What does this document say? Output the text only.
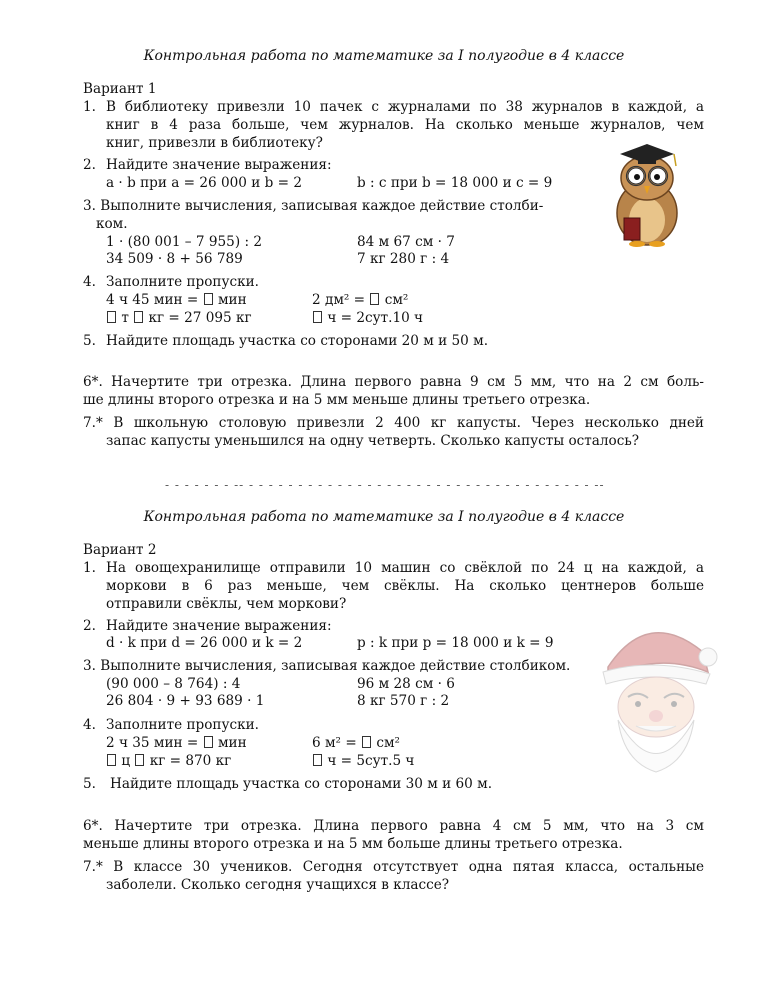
Контрольная работа по математике за I полугодие в 4 классе
Вариант 1
1. В библиотеку привезли 10 пачек с журналами по 38 журналов в каждой, а
книг в 4 раза больше, чем журналов. На сколько меньше журналов, чем
книг, привезли в библиотеку?
2. Найдите значение выражения:
a · b при a = 26 000 и b = 2	b : c при b = 18 000 и c = 9
3. Выполните вычисления, записывая каждое действие столби-
ком.
1 · (80 001 – 7 955) : 2	84 м 67 см · 7
34 509 · 8 + 56 789	7 кг 280 г : 4
4. Заполните пропуски.
4 ч 45 мин =  мин	2 дм² =  см²
т  кг = 27 095 кг	ч = 2сут.10 ч
5. Найдите площадь участка со сторонами 20 м и 50 м.
6*. Начертите три отрезка. Длина первого равна 9 см 5 мм, что на 2 см боль-
ше длины второго отрезка и на 5 мм меньше длины третьего отрезка.
7.* В школьную столовую привезли 2 400 кг капусты. Через несколько дней
запас капусты уменьшился на одну четверть. Сколько капусты осталось?
- - - - - - - -- - - - - - - - - - - - - - - - - - - - - - - - - - - - - - - - - - - - --
Контрольная работа по математике за I полугодие в 4 классе
Вариант 2
1. На овощехранилище отправили 10 машин со свёклой по 24 ц на каждой, а
моркови в 6 раз меньше, чем свёклы. На сколько центнеров больше
отправили свёклы, чем моркови?
2. Найдите значение выражения:
d · k при d = 26 000 и k = 2	p : k при p = 18 000 и k = 9
3. Выполните вычисления, записывая каждое действие столбиком.
(90 000 – 8 764) : 4	96 м 28 см · 6
26 804 · 9 + 93 689 · 1	8 кг 570 г : 2
4. Заполните пропуски.
2 ч 35 мин =  мин	6 м² =  см²
ц  кг = 870 кг	ч = 5сут.5 ч
5. Найдите площадь участка со сторонами 30 м и 60 м.
6*. Начертите три отрезка. Длина первого равна 4 см 5 мм, что на 3 см
меньше длины второго отрезка и на 5 мм больше длины третьего отрезка.
7.* В классе 30 учеников. Сегодня отсутствует одна пятая класса, остальные
заболели. Сколько сегодня учащихся в классе?
